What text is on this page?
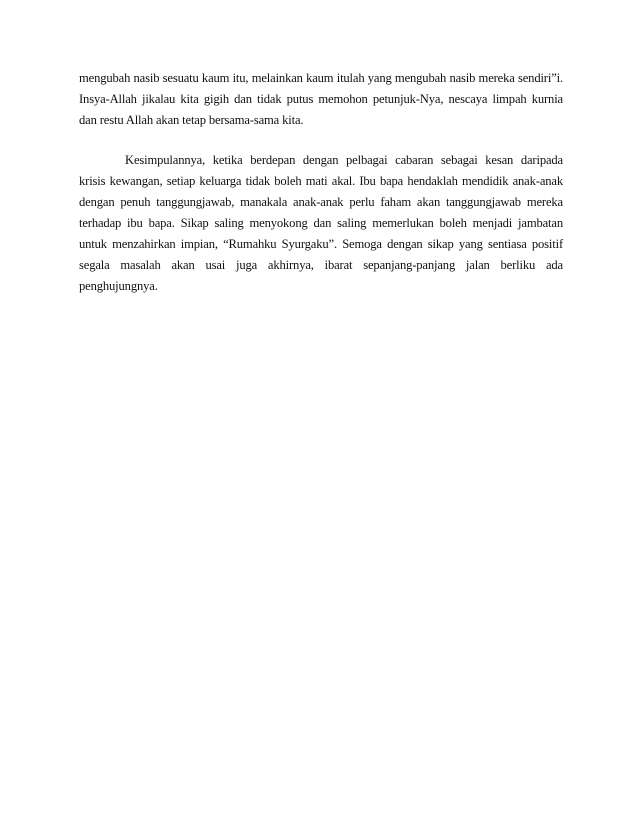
mengubah nasib sesuatu kaum itu, melainkan kaum itulah yang mengubah nasib mereka sendiri”i.
Insya-Allah jikalau kita gigih dan tidak putus memohon petunjuk-Nya, nescaya limpah kurnia
dan restu Allah akan tetap bersama-sama kita.
Kesimpulannya, ketika berdepan dengan pelbagai cabaran sebagai kesan daripada
krisis kewangan, setiap keluarga tidak boleh mati akal. Ibu bapa hendaklah mendidik anak-anak
dengan penuh tanggungjawab, manakala anak-anak perlu faham akan tanggungjawab mereka
terhadap ibu bapa. Sikap saling menyokong dan saling memerlukan boleh menjadi jambatan
untuk menzahirkan impian, “Rumahku Syurgaku”. Semoga dengan sikap yang sentiasa positif
segala masalah akan usai juga akhirnya, ibarat sepanjang-panjang jalan berliku ada
penghujungnya.
